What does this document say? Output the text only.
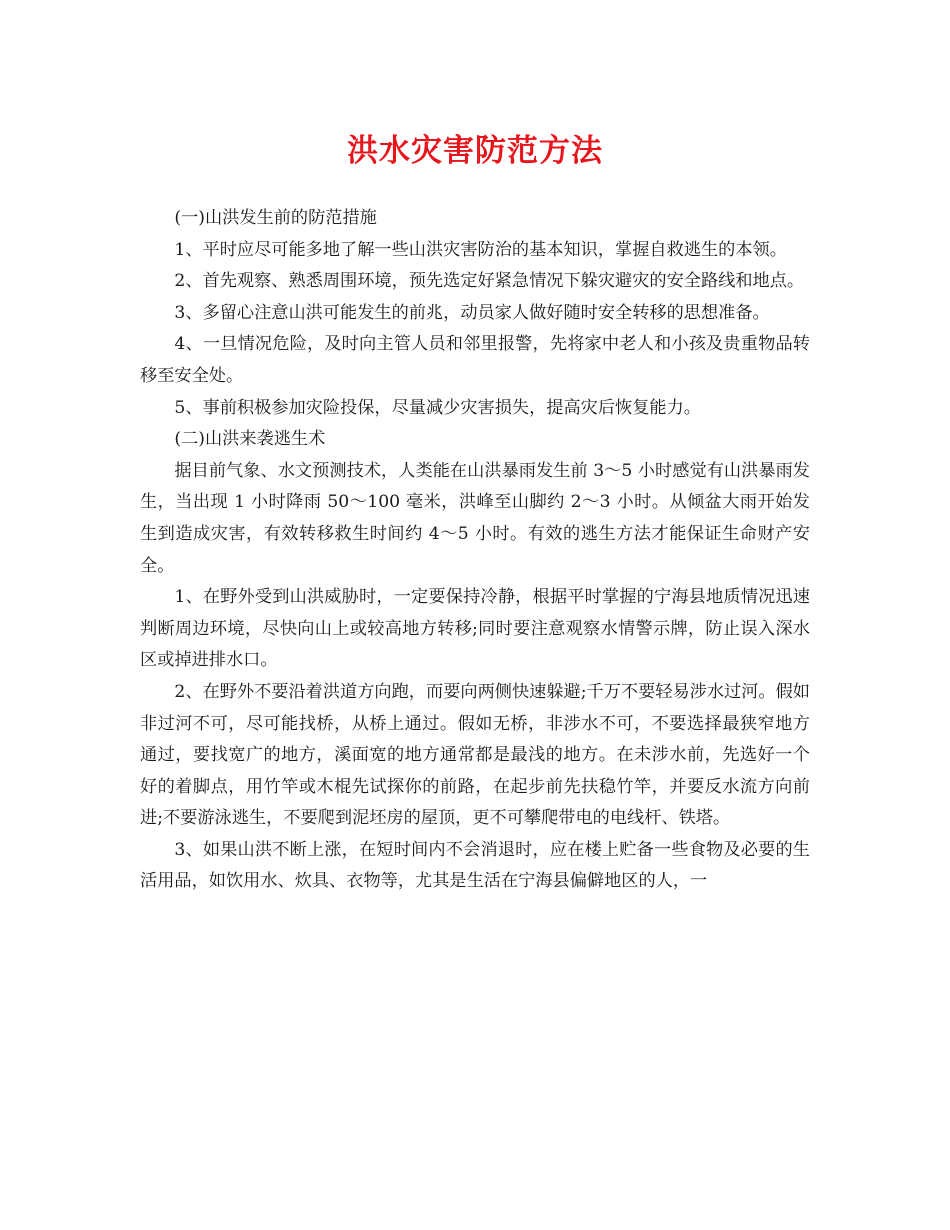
洪水灾害防范方法

(一)山洪发生前的防范措施

1、平时应尽可能多地了解一些山洪灾害防治的基本知识，掌握自救逃生的本领。

2、首先观察、熟悉周围环境，预先选定好紧急情况下躲灾避灾的安全路线和地点。

3、多留心注意山洪可能发生的前兆，动员家人做好随时安全转移的思想准备。

4、一旦情况危险，及时向主管人员和邻里报警，先将家中老人和小孩及贵重物品转移至安全处。

5、事前积极参加灾险投保，尽量减少灾害损失，提高灾后恢复能力。

(二)山洪来袭逃生术

据目前气象、水文预测技术，人类能在山洪暴雨发生前 3～5 小时感觉有山洪暴雨发生，当出现 1 小时降雨 50～100 毫米，洪峰至山脚约 2～3 小时。从倾盆大雨开始发生到造成灾害，有效转移救生时间约 4～5 小时。有效的逃生方法才能保证生命财产安全。

1、在野外受到山洪威胁时，一定要保持冷静，根据平时掌握的宁海县地质情况迅速判断周边环境，尽快向山上或较高地方转移;同时要注意观察水情警示牌，防止误入深水区或掉进排水口。

2、在野外不要沿着洪道方向跑，而要向两侧快速躲避;千万不要轻易涉水过河。假如非过河不可，尽可能找桥，从桥上通过。假如无桥，非涉水不可，不要选择最狭窄地方通过，要找宽广的地方，溪面宽的地方通常都是最浅的地方。在未涉水前，先选好一个好的着脚点，用竹竿或木棍先试探你的前路，在起步前先扶稳竹竿，并要反水流方向前进;不要游泳逃生，不要爬到泥坯房的屋顶，更不可攀爬带电的电线杆、铁塔。

3、如果山洪不断上涨，在短时间内不会消退时，应在楼上贮备一些食物及必要的生活用品，如饮用水、炊具、衣物等，尤其是生活在宁海县偏僻地区的人，一
